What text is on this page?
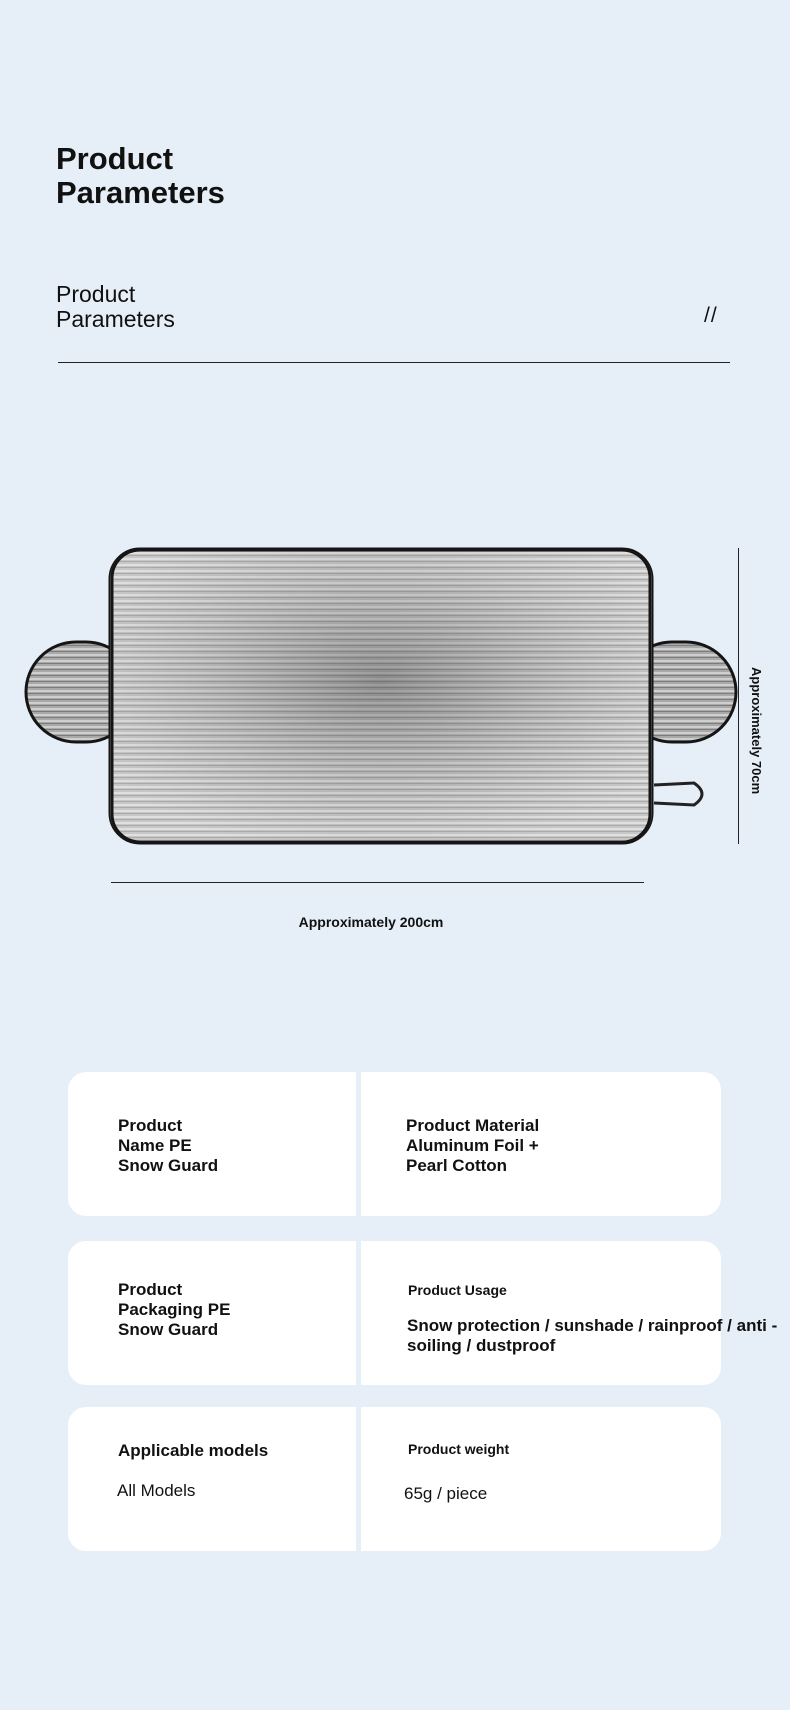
Product
Parameters
Product
Parameters	//
Approximately 70cm
Approximately 200cm
Product
Name PE
Snow Guard
Product Material
Aluminum Foil +
Pearl Cotton
Product
Packaging PE
Snow Guard
Product Usage
Snow protection / sunshade / rainproof / anti -
soiling / dustproof
Applicable models
All Models
Product weight
65g / piece
